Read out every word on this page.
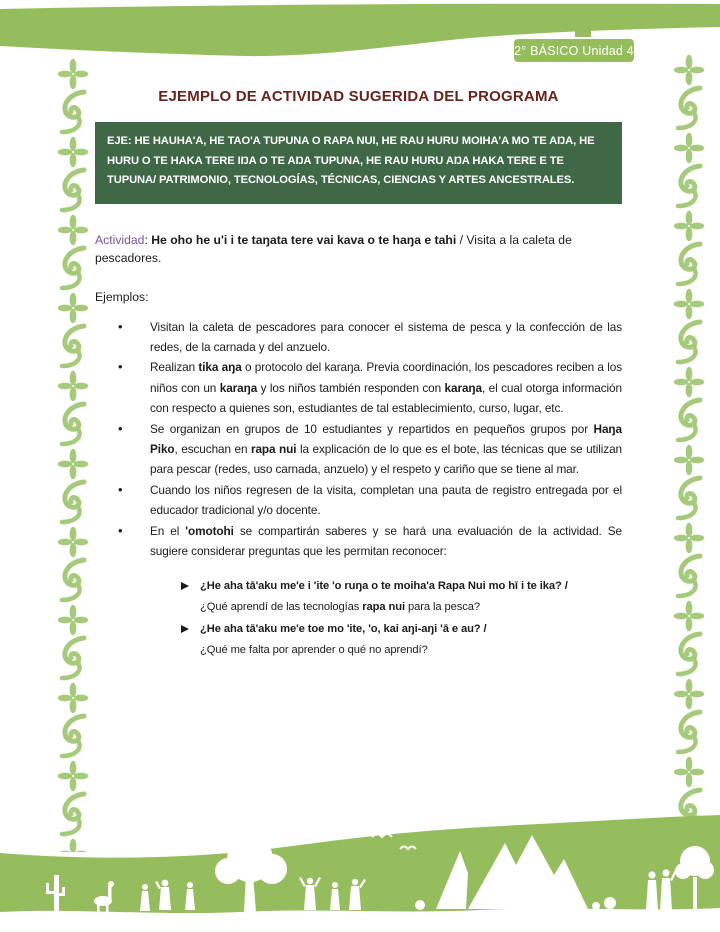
2° BÁSICO Unidad 4
EJEMPLO DE ACTIVIDAD SUGERIDA DEL PROGRAMA
EJE: HE HAUHA'A, HE TAO'A TUPUNA O RAPA NUI, HE RAU HURU MOIHA'A MO TE AŊA, HE HURU O TE HAKA TERE IŊA O TE AŊA TUPUNA, HE RAU HURU AŊA HAKA TERE E TE TUPUNA/ PATRIMONIO, TECNOLOGÍAS, TÉCNICAS, CIENCIAS Y ARTES ANCESTRALES.

Actividad: He oho he u'i i te taŋata tere vai kava o te haŋa e tahi / Visita a la caleta de pescadores.

Ejemplos:

• Visitan la caleta de pescadores para conocer el sistema de pesca y la confección de las redes, de la carnada y del anzuelo.
• Realizan tika aŋa o protocolo del karaŋa. Previa coordinación, los pescadores reciben a los niños con un karaŋa y los niños también responden con karaŋa, el cual otorga información con respecto a quienes son, estudiantes de tal establecimiento, curso, lugar, etc.
• Se organizan en grupos de 10 estudiantes y repartidos en pequeños grupos por Haŋa Piko, escuchan en rapa nui la explicación de lo que es el bote, las técnicas que se utilizan para pescar (redes, uso carnada, anzuelo) y el respeto y cariño que se tiene al mar.
• Cuando los niños regresen de la visita, completan una pauta de registro entregada por el educador tradicional y/o docente.
• En el 'omotohi se compartirán saberes y se hará una evaluación de la actividad. Se sugiere considerar preguntas que les permitan reconocer:
¿He aha tā'aku me'e i 'ite 'o ruŋa o te moiha'a Rapa Nui mo hī i te ika? /
¿Qué aprendí de las tecnologías rapa nui para la pesca?
¿He aha tā'aku me'e toe mo 'ite, 'o, kai aŋi-aŋi 'ā e au? /
¿Qué me falta por aprender o qué no aprendí?
